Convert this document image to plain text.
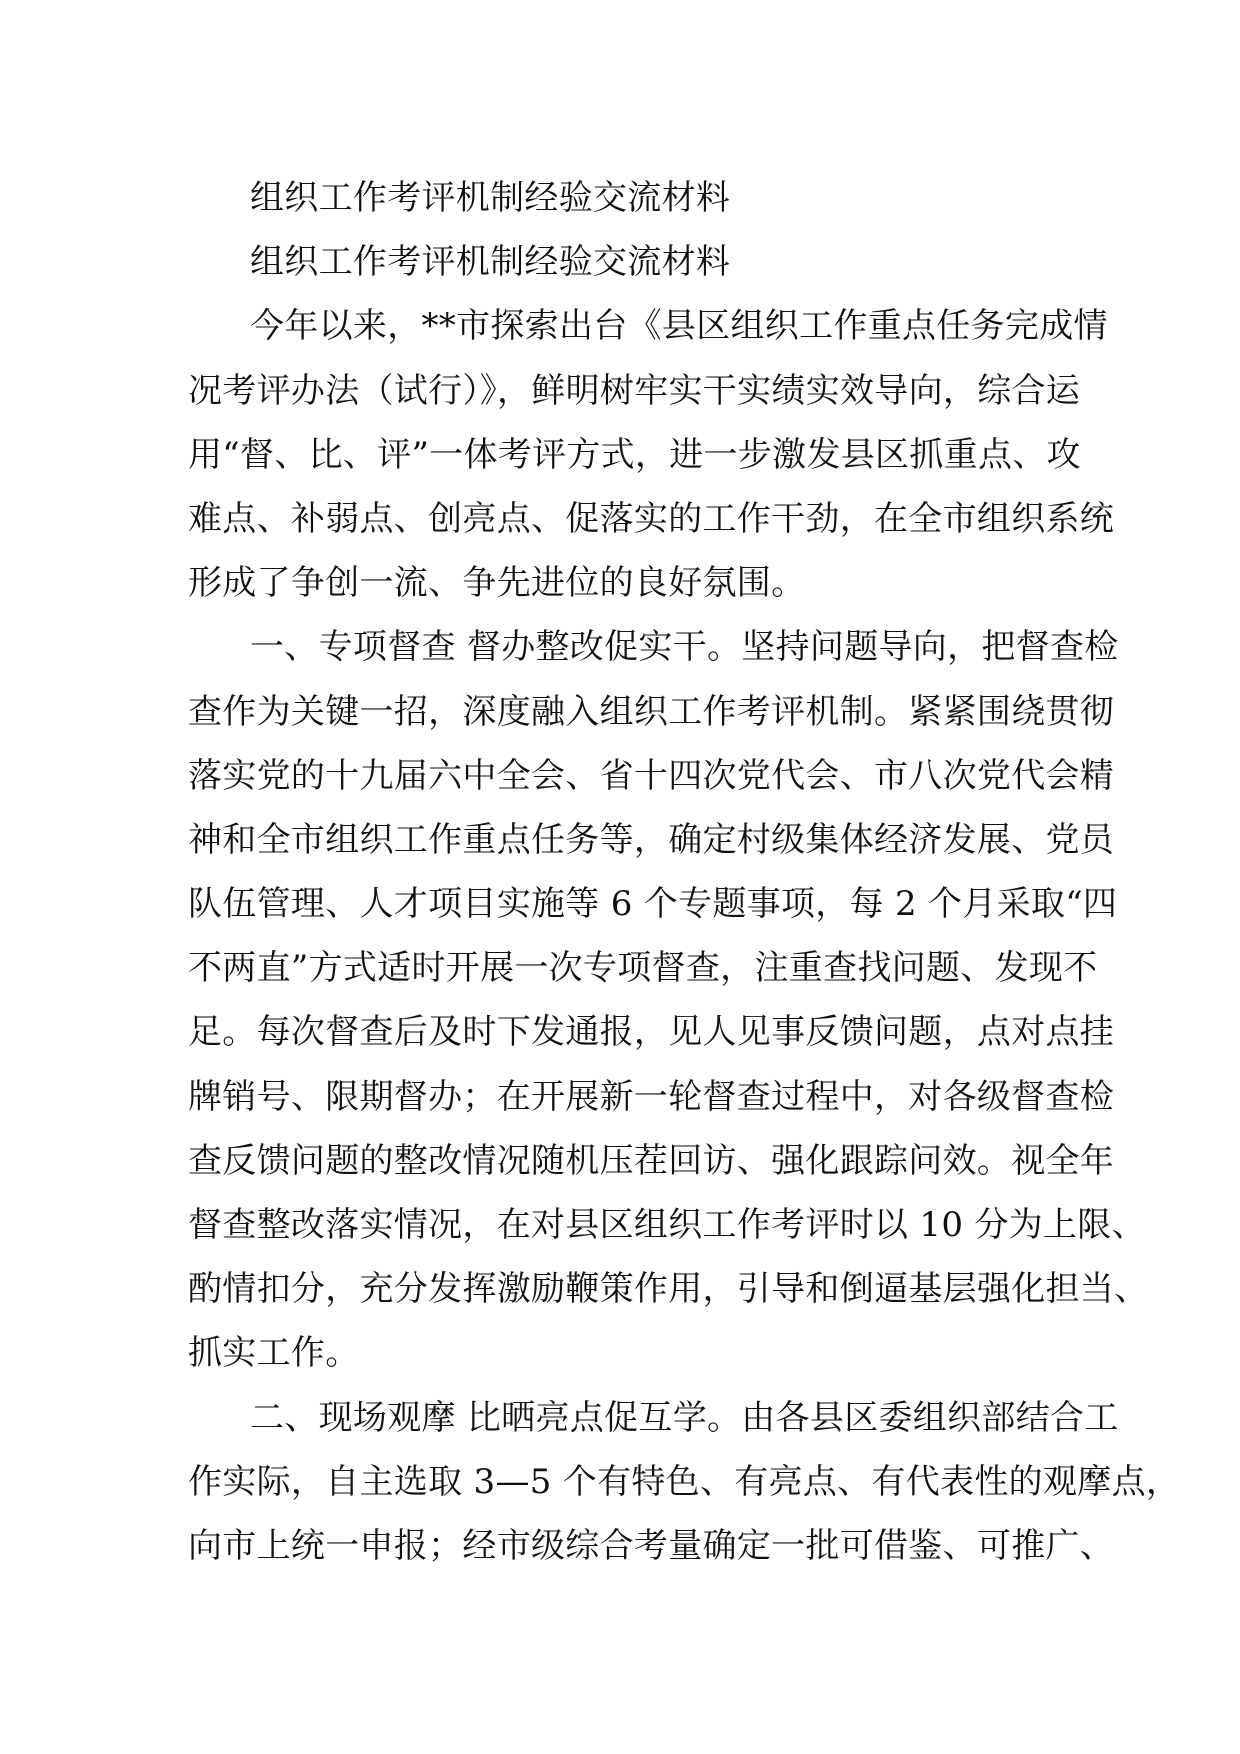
组织工作考评机制经验交流材料
组织工作考评机制经验交流材料
今年以来，**市探索出台《县区组织工作重点任务完成情
况考评办法（试行）》，鲜明树牢实干实绩实效导向，综合运
用“督、比、评”一体考评方式，进一步激发县区抓重点、攻
难点、补弱点、创亮点、促落实的工作干劲，在全市组织系统
形成了争创一流、争先进位的良好氛围。
一、专项督查 督办整改促实干。坚持问题导向，把督查检
查作为关键一招，深度融入组织工作考评机制。紧紧围绕贯彻
落实党的十九届六中全会、省十四次党代会、市八次党代会精
神和全市组织工作重点任务等，确定村级集体经济发展、党员
队伍管理、人才项目实施等 6 个专题事项，每 2 个月采取“四
不两直”方式适时开展一次专项督查，注重查找问题、发现不
足。每次督查后及时下发通报，见人见事反馈问题，点对点挂
牌销号、限期督办；在开展新一轮督查过程中，对各级督查检
查反馈问题的整改情况随机压茬回访、强化跟踪问效。视全年
督查整改落实情况，在对县区组织工作考评时以 10 分为上限、
酌情扣分，充分发挥激励鞭策作用，引导和倒逼基层强化担当、
抓实工作。
二、现场观摩 比晒亮点促互学。由各县区委组织部结合工
作实际，自主选取 3—5 个有特色、有亮点、有代表性的观摩点，
向市上统一申报；经市级综合考量确定一批可借鉴、可推广、
